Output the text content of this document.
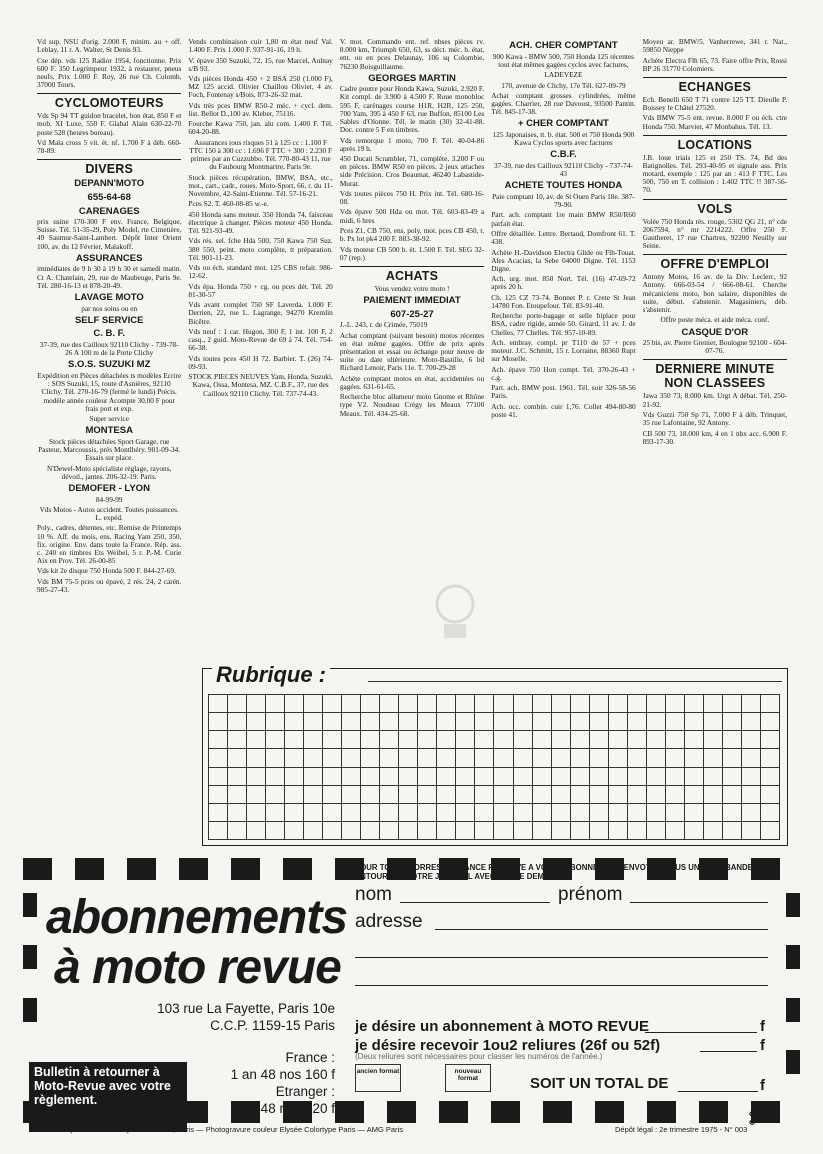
Vd sup. NSU d'orig. 2.000 F, minim. au + off. Leblay, 11 r. A. Walter, St Denis 93.

Cse dép. vds 125 Radior 1954, fonctionne. Prix 600 F. 350 Legrimpeur 1932, à restaurer, pneus neufs. Prix 1.000 F. Roy, 26 rue Ch. Colomb, 37000 Tours.

CYCLOMOTEURS

Vds Sp 94 TT guidon bracelet, bon état, 850 F et mob. XI Luxe, 550 F. Glabal Alain 630-22-70 poste 528 (heures bureau).

Vd Mala cross 5 vit. ét. nf. 1.700 F à déb. 660-78-89.

DIVERS
DEPANN'MOTO
655-64-68
CARENAGES

prix usine 170-300 F env. France, Belgique, Suisse. Tél. 51-35-29, Poly Model, rte Cimetière, 49 Saumur-Saint-Lambert. Dépôt Inter Orient 100, av. du 12 Février, Malakoff.

ASSURANCES

immédiates de 9 h 30 à 19 h 30 et samedi matin. Ct A. Chatelain, 29, rue de Maubeuge, Paris 9e. Tél. 280-16-13 et 878-20-49.

LAVAGE MOTO

par nos soins ou en

SELF SERVICE
C. B. F.

37-39, rue des Cailloux 92110 Clichy - 739-78-26 A 100 m de la Porte Clichy

S.O.S. SUZUKI MZ

Expédition en Pièces détachées ts modèles Ecrire : SOS Suzuki, 15, route d'Asnières, 92110 Clichy. Tél. 270-16-79 (fermé le lundi) Précis. modèle année couleur Acompte 30,00 F pour frais port et exp.

Super service

MONTESA

Stock pièces détachées Sport Garage, rue Pasteur, Marcoussis, près Montlhéry. 901-09-34. Essais sur place.

N'Dewel-Moto spécialiste réglage, rayons, dévoil., jantes. 206-32-19. Paris.

DEMOFER - LYON

84-99-99

Vds Motos - Autos accident. Toutes puissances. L. expéd.

Poly., cadres, détentes, etc. Remise de Printemps 10 %. Aff. du mois, ens. Racing Yam 250, 350, fix. origine. Env. dans toute la France. Rép. ass. c. 240 en timbres Ets Weibel, 5 r. P.-M. Curie Aix en Prov. Tél. 26-00-85

Vds kit 2e disque 750 Honda 500 F. 844-27-69.

Vds BM 75-5 pces ou épavé, 2 rés. 24, 2 carén. 985-27-43.

Vends combinaison cuir 1,80 m état neuf Val. 1.400 F. Prix 1.000 F. 937-91-16, 19 h.

V. épave 350 Suzuki, 72, 15, rue Marcel, Aulnay s/B 93.

Vds pièces Honda 450 + 2 BSA 250 (1.000 F), MZ 125 accid. Olivier Chaillou Olivier, 4 av. Foch, Fontenay s/Bois, 873-26-32 mat.

Vds très pces BMW R50-2 méc. + cycl. dem. list. Bellot D.,100 av. Kleber, 75116.

Fourche Kawa 750, jan. alu com. 1.400 F. Tél. 604-20-88.

Assurances tous risques 51 à 125 cc : 1.100 F TTC 150 à 300 cc : 1.696 F TTC + 300 : 2.230 F primes par an Cuzzubbo. Tél. 770-80-43 11, rue du Faubourg Montmartre, Paris 9e.

Stock pièces récupération, BMW, BSA, etc., mot., cart., cadr., roues. Moto-Sport, 66, r. du 11-Novembre, 42-Saint-Etienne. Tél. 57-16-21.

Pces S2. T. 460-08-85 w.-e.

450 Honda sans moteur. 350 Honda 74, faisceau électrique à changer. Pièces moteur 450 Honda. Tél. 921-93-49.

Vds rés. sel. fche Hda 500, 750 Kawa 750 Suz. 380 550, peint. moto complète, tt préparation. Tél. 901-11-23.

Vds ou éch. standard mot. 125 CBS refait. 986-12-62.

Vds épa. Honda 750 + cg. ou pces dét. Tél. 20 81-30-57

Vds avant complet 750 SF Laverda. 1.000 F. Derrien, 22, rue L. Lagrange, 94270 Kremlin Bicêtre.

Vds neuf : 1 car. Hugon, 300 F, 1 int. 100 F, 2 casq., 2 guid. Moto-Revue de 69 à 74. Tél. 754-66-38.

Vds toutes pces 450 H 72. Barbier. T. (26) 74-09-93.

STOCK PIECES NEUVES Yam, Honda, Suzuki, Kawa, Ossa, Montesa, MZ. C.B.F., 37, rue des Cailloux 92110 Clichy. Tél. 737-74-43.

V. mot. Commando ent. ref. nbses pièces rv. 8.000 km, Triumph 650, 63, ss déct. méc. b. état, ent. ou en pces Delaunay, 106 sq Colombie, 76230 Boisguillaume.

GEORGES MARTIN

Cadre poutre pour Honda Kawa, Suzuki, 2.920 F. Kit compl. de 3.900 à 4.500 F. Roue monobloc 595 F, carénages course H1R, H2R, 125 250, 700 Yam, 395 à 450 F 63, rue Buffon, 85100 Les Sables d'Olonne. Tél. le matin (30) 32-41-88. Doc. contre 5 F en timbres.

Vds remorque 1 moto, 700 F. Tél. 40-04-86 après 19 h.

450 Ducati Scrambler, 71, complète, 3.200 F ou en pièces. BMW R50 en pièces. 2 jeux attaches side Précision. Cros Beaumat, 46240 Labastide-Murat.

Vds toutes pièces 750 H. Prix int. Tél. 680-16-08.

Vds épave 500 Hda ou mot. Tél. 603-83-49 a midi, 6 hres

Pces Z1, CB 750, ens. poly, mot. pces CB 450, t. b. Px lot pk4 200 F. 883-38-92.

Vds moteur CB 500 b. ét. 1.500 F. Tél. SEG 32-07 (rep.)

ACHATS

Vous vendez votre moto !

PAIEMENT IMMEDIAT
607-25-27

J.-L. 243, r. de Crimée, 75019

Achat comptant (suivant besoin) motos récentes en état même gagées. Offre de prix après présentation et essai ou échange pour neuve de suite ou date ultérieure. Moto-Bastille, 6 bd Richard Lenoir, Paris 11e. T. 700-29-28

Achète comptant motos en état, accidentées ou gagées. 631-61-65.

Recherche bloc allumeur moto Gnome et Rhône type V2. Noudeau Crégy les Meaux 77100 Meaux. Tél. 434-25-68.

ACH. CHER COMPTANT

900 Kawa - BMW 500, 750 Honda 125 récentes tout état mêmes gagées cyclos avec factures,

LADEVEZE

170, avenue de Clichy, 17e Tél. 627-09-79

Achat comptant grosses cylindrées, même gagées. Charrier, 28 rue Davoust, 93500 Pantin. Tél. 845-17-38.

+ CHER COMPTANT

125 Japonaises, tt. b. état. 500 et 750 Honda 900 Kawa Cyclos sports avec factures

C.B.F.

37-39, rue des Cailloux 92110 Clichy - 737-74-43

ACHETE TOUTES HONDA

Paie comptant 10, av. de St Ouen Paris 18e. 387-79-90.

Part. ach. comptant 1re main BMW R50/R60 parfait état.

Offre détaillée. Lettre. Bertaud, Domfront 61. T. 438.

Achète H.-Davidson Electra Glide ou Flh-Touat. Ales Acacias, la Sebe 04000 Digne. Tél. 1153 Digne.

Ach. urg. mot. 850 Nort. Tél. (16) 47-69-72 après 20 h.

Ch. 125 CZ 73-74. Bonnet P. r. Crete St Jean 14780 Fon. Etoupefour. Tél. 83-91-40.

Recherche porte-bagage et selle biplace pour BSA, cadre rigide, année 50. Girard, 11 av. J. de Chelles, 77 Chelles. Tél. 957-10-89.

Ach. embray. compl. pr T110 de 57 + pces moteur. J.C. Schmitt, 15 r. Lorraine, 88360 Rupt sur Moselle.

Ach. épave 750 Hon compt. Tél. 370-26-43 + c.g.

Part. ach. BMW post. 1961. Tél. soir 326-58-56 Paris.

Ach. occ. combin. cuir 1,76. Collet 494-80-80 poste 41.

Moyeu ar. BMW/5. Vanherrewe, 341 r. Nat., 59850 Nieppe

Achète Electra Flh 65, 73. Faire offre Prix, Rossi BP 26 31770 Colomiers.

ECHANGES

Ech. Benelli 650 T 71 contre 125 TT. Dieulle P. Boissey le Châtel 27520.

Vds BMW 75-5 ent. revue. 8.000 F ou éch. ctre Honda 750. Marvier, 47 Monbahus. Tél. 13.

LOCATIONS

J.B. loue trials 125 et 250 TS. 74, Bd des Batignolles. Tél. 293-40-95 et signale ass. Prix motard, exemple : 125 par an : 413 F TTC. Les 500, 750 en T. collision : 1.402 TTC !! 387-56-70.

VOLS

Volée 750 Honda rés. rouge, 5302 QG 21, n° cde 2067594, n° mr 2214222. Offre 250 F. Gautheret, 17 rue Chartres, 92200 Neuilly sur Seine.

OFFRE D'EMPLOI

Antony Motos, 16 av. de la Div. Leclerc, 92 Antony. 666-03-54 / 666-08-61. Cherche mécaniciens moto, bon salaire, disponibles de suite, début. s'abstenir. Magasiniers, déb. s'abstenir.

Offre poste méca. et aide méca. conf.

CASQUE D'OR

25 bis, av. Pierre Grenier, Boulogne 92100 - 604-07-76.

DERNIERE MINUTE NON CLASSEES

Jawa 350 73, 8.000 km. Urgt A débat. Tél. 250-21-92.

Vds Guzzi 750 Sp 71, 7.000 F à déb. Trinquet, 35 rue Lafontaine, 92 Antony.

CB 500 73, 18.000 km, 4 en 1 nbx acc. 6.900 F. 893-17-30.

Rubrique :
abonnements
à moto revue
103 rue La Fayette, Paris 10e
C.C.P. 1159-15 Paris
France :
1 an 48 nos 160 f
Etranger :
1 an 48 nos 220 f
Bulletin à retourner à Moto-Revue avec votre règlement.
POUR TOUTE CORRESPONDANCE RELATIVE A VOTRE ABONNEMENT, ENVOYEZ-NOUS UNE DES BANDES ENTOURANT VOTRE JOURNAL AVEC VOTRE DEMANDE.
nom	prénom
adresse
je désire un abonnement à MOTO REVUE	f
je désire recevoir 1ou2 reliures (26f ou 52f)	f
(Deux reliures sont nécessaires pour classer les numéros de l'année.)
ancien format	nouveau format	SOIT UN TOTAL DE	f
✂
74	Imprimé en France par la S.N.I.L., Paris — Photogravure couleur Elysée Colortype Paris — AMG Paris	Dépôt légal : 2e trimestre 1975 - N° 003
